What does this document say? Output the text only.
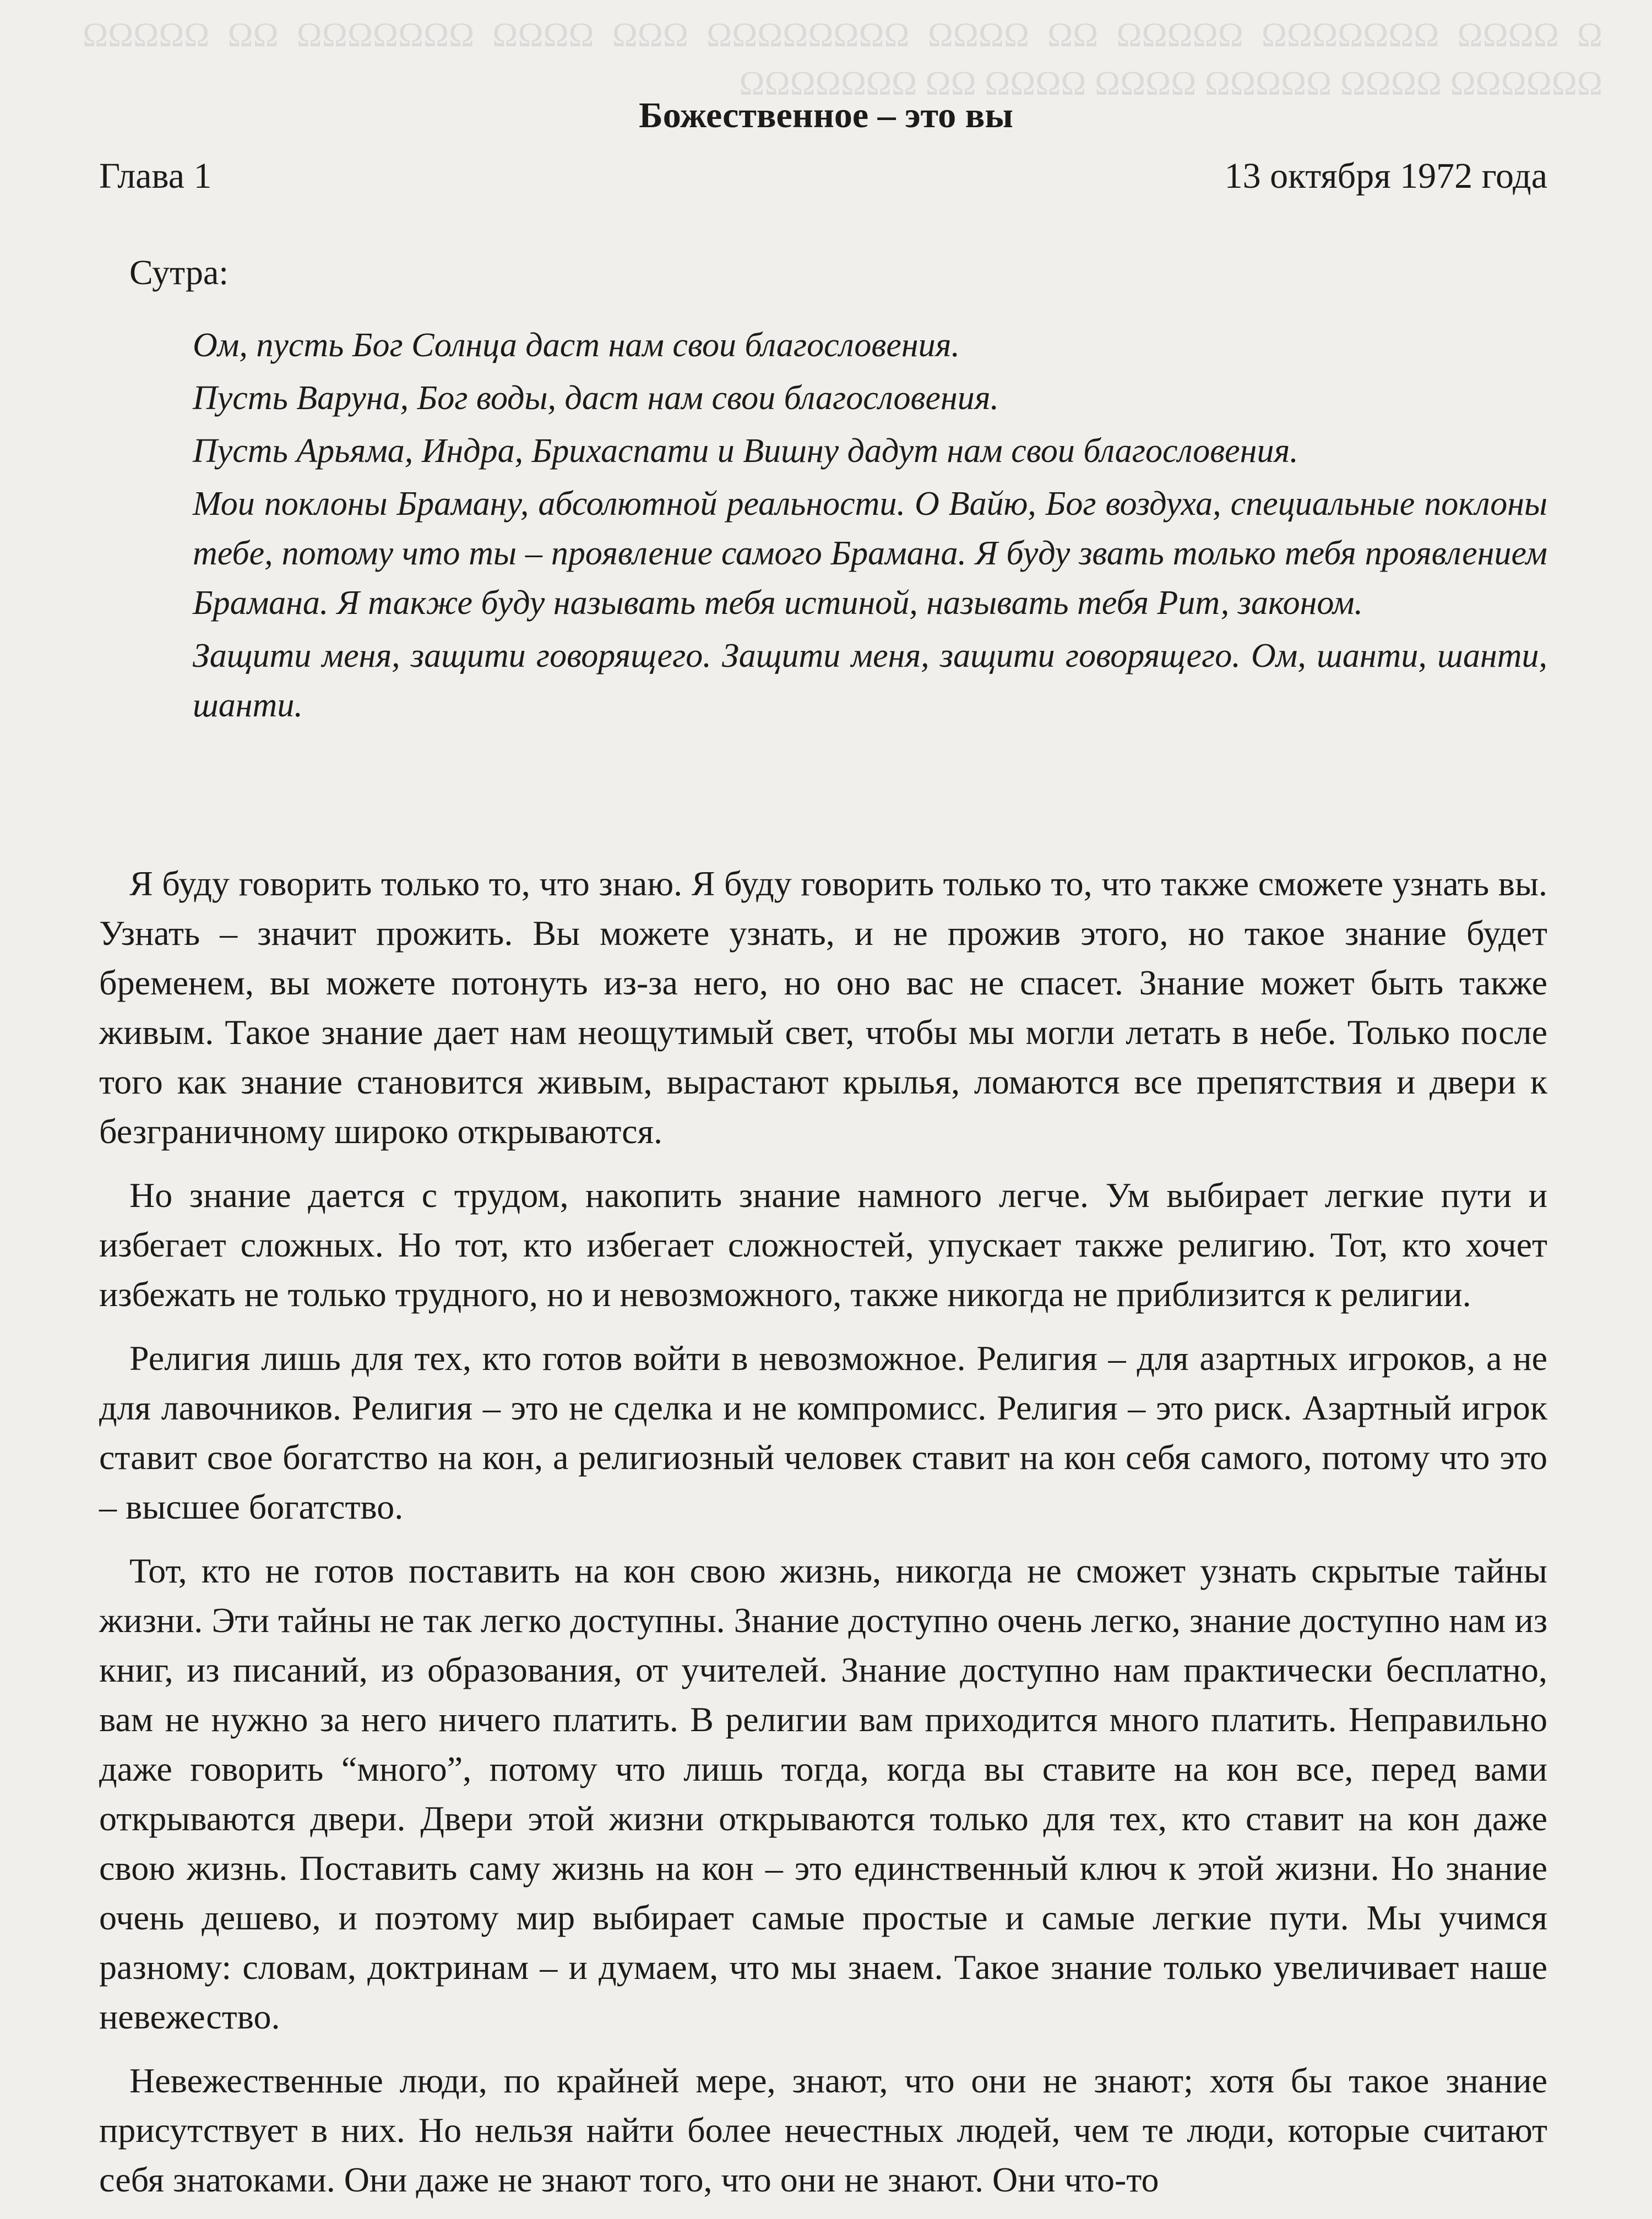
Ω ΩΩΩΩ ΩΩΩΩΩΩΩ ΩΩΩΩΩ ΩΩ ΩΩΩΩ ΩΩΩΩΩΩΩΩ ΩΩΩ ΩΩΩΩ ΩΩΩΩΩΩΩ ΩΩ ΩΩΩΩΩ ΩΩΩΩΩΩ ΩΩΩΩ ΩΩΩΩΩ ΩΩΩΩ ΩΩΩΩ ΩΩ ΩΩΩΩΩΩΩ

Божественное – это вы
Глава 1	13 октября 1972 года
Сутра:

Ом, пусть Бог Солнца даст нам свои благословения.

Пусть Варуна, Бог воды, даст нам свои благословения.

Пусть Арьяма, Индра, Брихаспати и Вишну дадут нам свои благословения.

Мои поклоны Браману, абсолютной реальности. О Вайю, Бог воздуха, специальные поклоны тебе, потому что ты – проявление самого Брамана. Я буду звать только тебя проявлением Брамана. Я также буду называть тебя истиной, называть тебя Рит, законом.

Защити меня, защити говорящего. Защити меня, защити говорящего. Ом, шанти, шанти, шанти.

Я буду говорить только то, что знаю. Я буду говорить только то, что также сможете узнать вы. Узнать – значит прожить. Вы можете узнать, и не прожив этого, но такое знание будет бременем, вы можете потонуть из-за него, но оно вас не спасет. Знание может быть также живым. Такое знание дает нам неощутимый свет, чтобы мы могли летать в небе. Только после того как знание становится живым, вырастают крылья, ломаются все препятствия и двери к безграничному широко открываются.

Но знание дается с трудом, накопить знание намного легче. Ум выбирает легкие пути и избегает сложных. Но тот, кто избегает сложностей, упускает также религию. Тот, кто хочет избежать не только трудного, но и невозможного, также никогда не приблизится к религии.

Религия лишь для тех, кто готов войти в невозможное. Религия – для азартных игроков, а не для лавочников. Религия – это не сделка и не компромисс. Религия – это риск. Азартный игрок ставит свое богатство на кон, а религиозный человек ставит на кон себя самого, потому что это – высшее богатство.

Тот, кто не готов поставить на кон свою жизнь, никогда не сможет узнать скрытые тайны жизни. Эти тайны не так легко доступны. Знание доступно очень легко, знание доступно нам из книг, из писаний, из образования, от учителей. Знание доступно нам практически бесплатно, вам не нужно за него ничего платить. В религии вам приходится много платить. Неправильно даже говорить “много”, потому что лишь тогда, когда вы ставите на кон все, перед вами открываются двери. Двери этой жизни открываются только для тех, кто ставит на кон даже свою жизнь. Поставить саму жизнь на кон – это единственный ключ к этой жизни. Но знание очень дешево, и поэтому мир выбирает самые простые и самые легкие пути. Мы учимся разному: словам, доктринам – и думаем, что мы знаем. Такое знание только увеличивает наше невежество.

Невежественные люди, по крайней мере, знают, что они не знают; хотя бы такое знание присутствует в них. Но нельзя найти более нечестных людей, чем те люди, которые считают себя знатоками. Они даже не знают того, что они не знают. Они что-то
